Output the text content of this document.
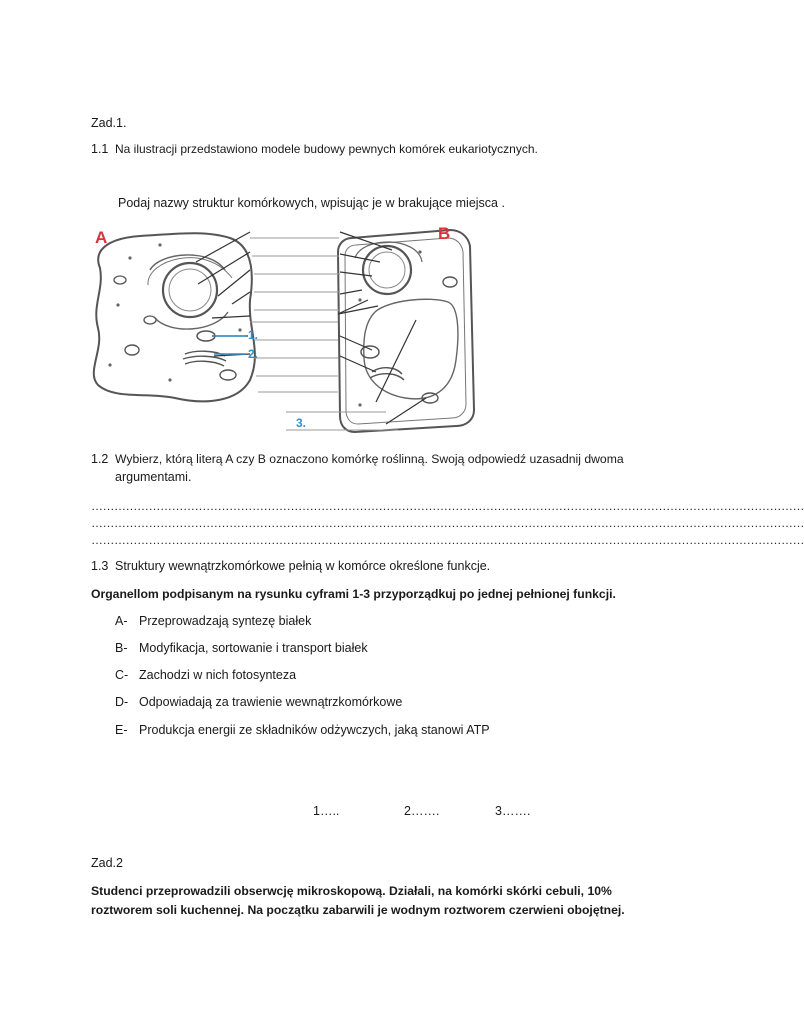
Zad.1.
1.1 Na ilustracji przedstawiono modele budowy pewnych komórek eukariotycznych.
Podaj nazwy struktur komórkowych, wpisując je w brakujące miejsca .
A	B
1.
2.
3.
1.2 Wybierz, którą literą A czy B oznaczono komórkę roślinną. Swoją odpowiedź uzasadnij dwoma
argumentami.
……………………………………………………………………………………………………………………………………………………………………
……………………………………………………………………………………………………………………………………………………………………
……………………………………………………………………………………………………………………………………………………………………
1.3 Struktury wewnątrzkomórkowe pełnią w komórce określone funkcje.
Organellom podpisanym na rysunku cyframi 1-3 przyporządkuj po jednej pełnionej funkcji.
A- Przeprowadzają syntezę białek
B- Modyfikacja, sortowanie i transport białek
C- Zachodzi w nich fotosynteza
D- Odpowiadają za trawienie wewnątrzkomórkowe
E- Produkcja energii ze składników odżywczych, jaką stanowi ATP
1…..	2…….	3…….
Zad.2
Studenci przeprowadzili obserwcję mikroskopową. Działali, na komórki skórki cebuli, 10%
roztworem soli kuchennej. Na początku zabarwili je wodnym roztworem czerwieni obojętnej.
